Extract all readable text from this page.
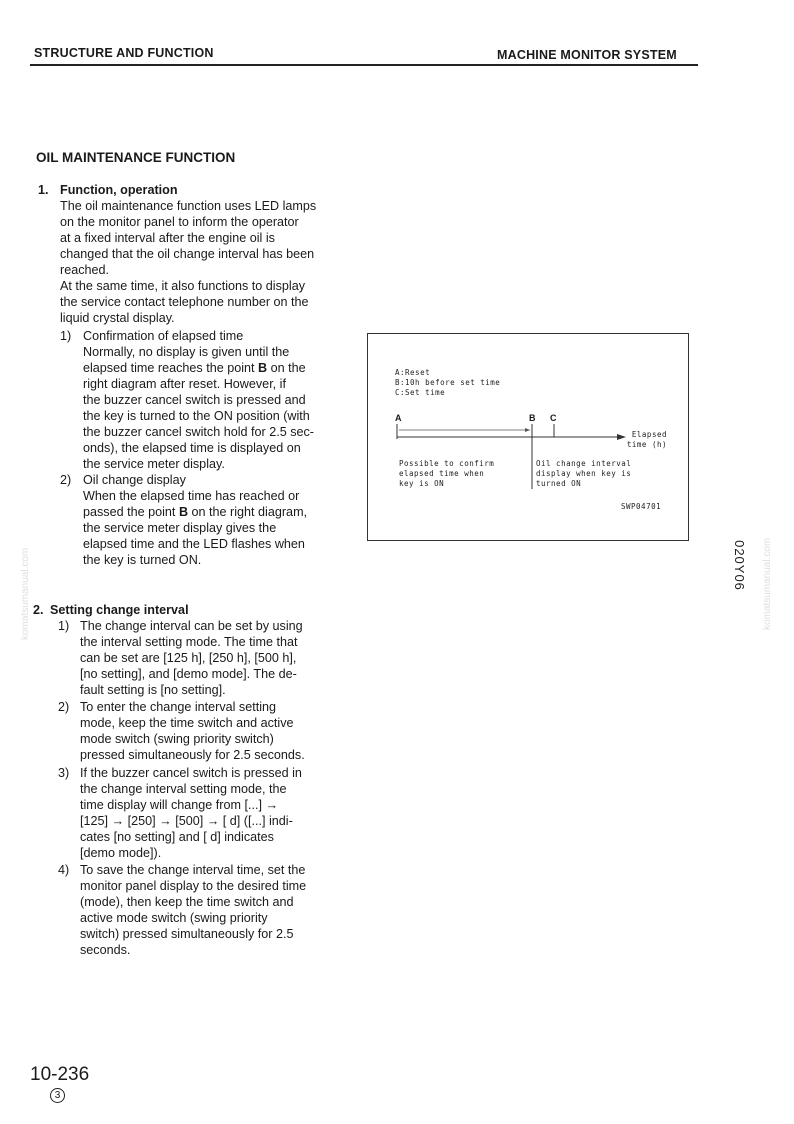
STRUCTURE AND FUNCTION	MACHINE MONITOR SYSTEM
OIL MAINTENANCE FUNCTION
1. Function, operation
The oil maintenance function uses LED lamps
on the monitor panel to inform the operator
at a fixed interval after the engine oil is
changed that the oil change interval has been
reached.
At the same time, it also functions to display
the service contact telephone number on the
liquid crystal display.
1) Confirmation of elapsed time
Normally, no display is given until the
elapsed time reaches the point B on the
right diagram after reset. However, if
the buzzer cancel switch is pressed and
the key is turned to the ON position (with
the buzzer cancel switch hold for 2.5 sec-
onds), the elapsed time is displayed on
the service meter display.
2) Oil change display
When the elapsed time has reached or
passed the point B on the right diagram,
the service meter display gives the
elapsed time and the LED flashes when
the key is turned ON.
2. Setting change interval
1) The change interval can be set by using
the interval setting mode. The time that
can be set are [125 h], [250 h], [500 h],
[no setting], and [demo mode]. The de-
fault setting is [no setting].
2) To enter the change interval setting
mode, keep the time switch and active
mode switch (swing priority switch)
pressed simultaneously for 2.5 seconds.
3) If the buzzer cancel switch is pressed in
the change interval setting mode, the
time display will change from [...] →
[125] → [250] → [500] → [ d] ([...] indi-
cates [no setting] and [ d] indicates
[demo mode]).
4) To save the change interval time, set the
monitor panel display to the desired time
(mode), then keep the time switch and
active mode switch (swing priority
switch) pressed simultaneously for 2.5
seconds.
A:Reset
B:10h before set time
C:Set time
A	B C
Elapsed
time (h)
Possible to confirm
elapsed time when
key is ON
Oil change interval
display when key is
turned ON
SWP04701
020Y06
komatsumanual.com	komatsumanual.com
10-236
3
